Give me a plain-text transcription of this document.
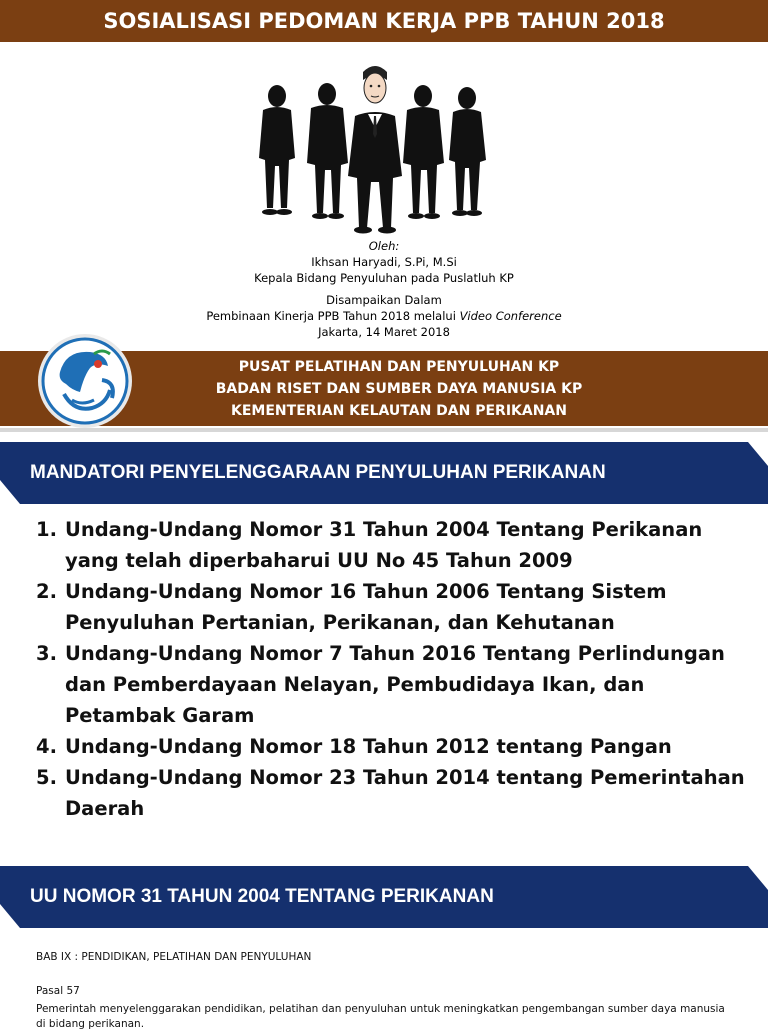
SOSIALISASI PEDOMAN KERJA PPB TAHUN 2018
Oleh:
Ikhsan Haryadi, S.Pi, M.Si
Kepala Bidang Penyuluhan pada Puslatluh KP
Disampaikan Dalam
Pembinaan Kinerja PPB Tahun 2018 melalui Video Conference
Jakarta, 14 Maret 2018
PUSAT PELATIHAN DAN PENYULUHAN KP
BADAN RISET DAN SUMBER DAYA MANUSIA KP
KEMENTERIAN KELAUTAN DAN PERIKANAN
MANDATORI PENYELENGGARAAN PENYULUHAN PERIKANAN
1. Undang-Undang Nomor 31 Tahun 2004 Tentang Perikanan yang telah diperbaharui UU No 45 Tahun 2009
2. Undang-Undang Nomor 16 Tahun 2006 Tentang Sistem Penyuluhan Pertanian, Perikanan, dan Kehutanan
3. Undang-Undang Nomor 7 Tahun 2016 Tentang Perlindungan dan Pemberdayaan Nelayan, Pembudidaya Ikan, dan Petambak Garam
4. Undang-Undang Nomor 18 Tahun 2012 tentang Pangan
5. Undang-Undang Nomor 23 Tahun 2014 tentang Pemerintahan Daerah
UU NOMOR 31 TAHUN 2004 TENTANG PERIKANAN
BAB IX : PENDIDIKAN, PELATIHAN DAN PENYULUHAN
Pasal 57
Pemerintah menyelenggarakan pendidikan, pelatihan dan penyuluhan untuk meningkatkan pengembangan sumber daya manusia di bidang perikanan.
